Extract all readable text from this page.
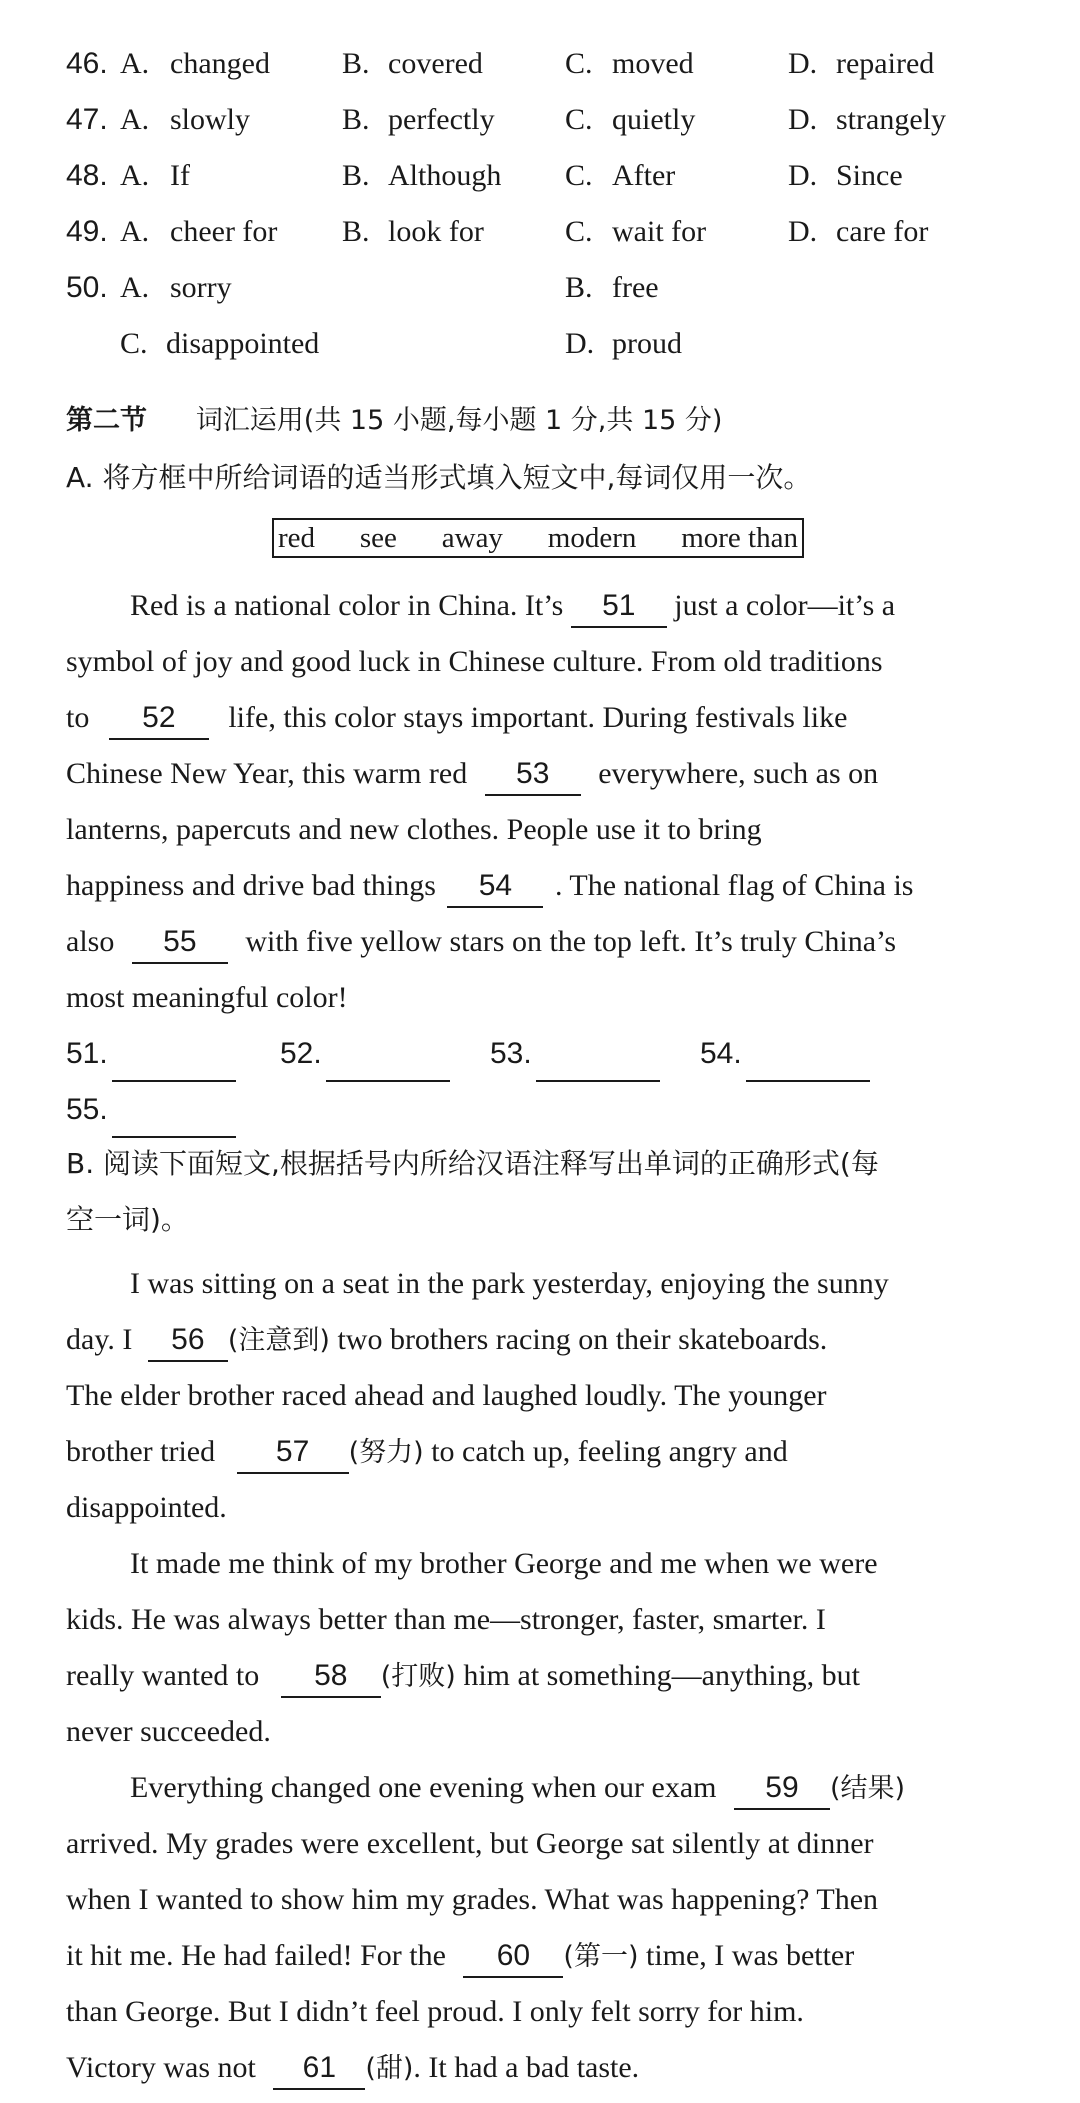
46. A. changed B. covered	C. moved	D. repaired
47. A. slowly	B. perfectly C. quietly	D. strangely
48. A. If	B. Although C. After	D. Since
49. A. cheer for B. look for	C. wait for	D. care for
50. A. sorry	B. free
C. disappointed	D. proud
第二节 词汇运用(共 15 小题,每小题 1 分,共 15 分)
A. 将方框中所给词语的适当形式填入短文中,每词仅用一次。
red see away modern more than
Red is a national color in China. It’s 51 just a color—it’s a
symbol of joy and good luck in Chinese culture. From old traditions
to 52 life, this color stays important. During festivals like
Chinese New Year, this warm red 53 everywhere, such as on
lanterns, papercuts and new clothes. People use it to bring
happiness and drive bad things 54 . The national flag of China is
also 55 with five yellow stars on the top left. It’s truly China’s
most meaningful color!
51.	52.	53.	54.
55.
B. 阅读下面短文,根据括号内所给汉语注释写出单词的正确形式(每
空一词)。
I was sitting on a seat in the park yesterday, enjoying the sunny
day. I 56 (注意到) two brothers racing on their skateboards.
The elder brother raced ahead and laughed loudly. The younger
brother tried 57 (努力) to catch up, feeling angry and
disappointed.
It made me think of my brother George and me when we were
kids. He was always better than me—stronger, faster, smarter. I
really wanted to 58 (打败) him at something—anything, but
never succeeded.
Everything changed one evening when our exam 59 (结果)
arrived. My grades were excellent, but George sat silently at dinner
when I wanted to show him my grades. What was happening? Then
it hit me. He had failed! For the 60 (第一) time, I was better
than George. But I didn’t feel proud. I only felt sorry for him.
Victory was not 61 (甜). It had a bad taste.
